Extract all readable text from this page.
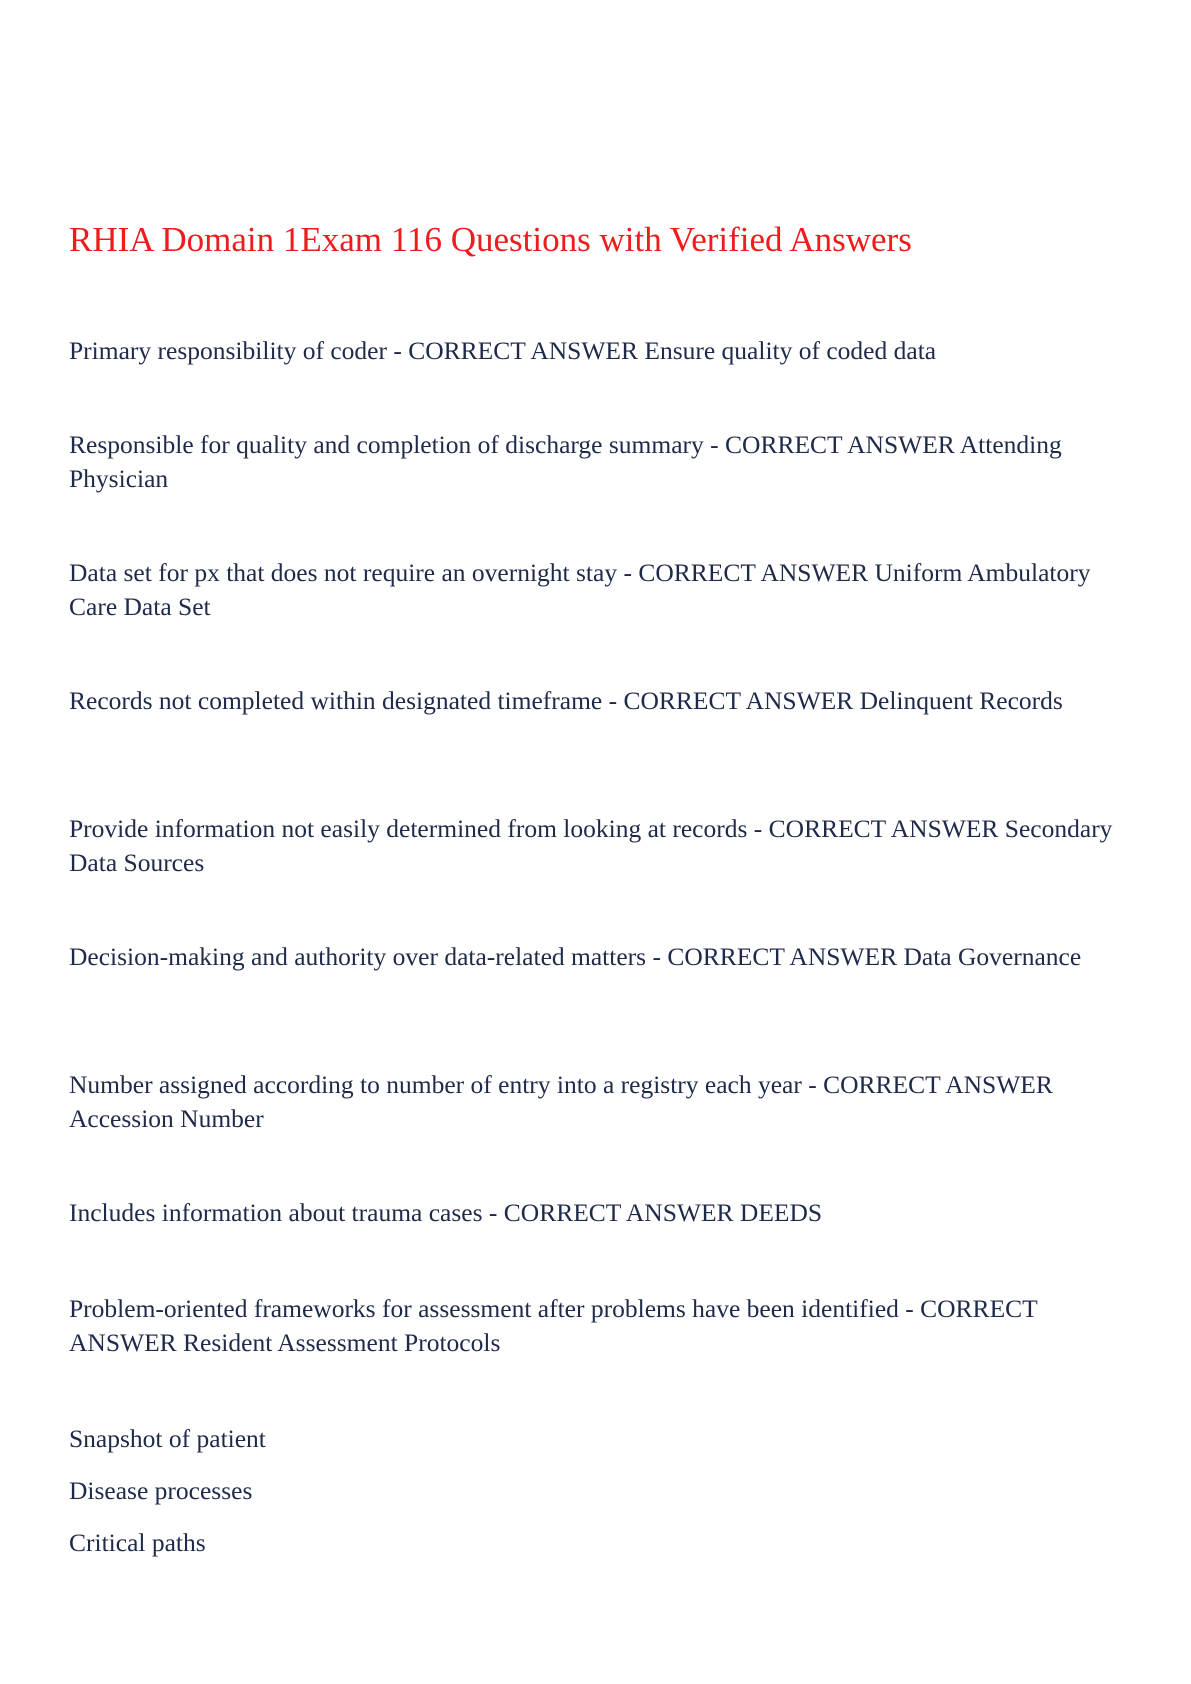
RHIA Domain 1Exam 116 Questions with Verified Answers

Primary responsibility of coder - CORRECT ANSWER Ensure quality of coded data

Responsible for quality and completion of discharge summary - CORRECT ANSWER Attending Physician

Data set for px that does not require an overnight stay - CORRECT ANSWER Uniform Ambulatory Care Data Set

Records not completed within designated timeframe - CORRECT ANSWER Delinquent Records

Provide information not easily determined from looking at records - CORRECT ANSWER Secondary Data Sources

Decision-making and authority over data-related matters - CORRECT ANSWER Data Governance

Number assigned according to number of entry into a registry each year - CORRECT ANSWER Accession Number

Includes information about trauma cases - CORRECT ANSWER DEEDS

Problem-oriented frameworks for assessment after problems have been identified - CORRECT ANSWER Resident Assessment Protocols

Snapshot of patient

Disease processes

Critical paths
